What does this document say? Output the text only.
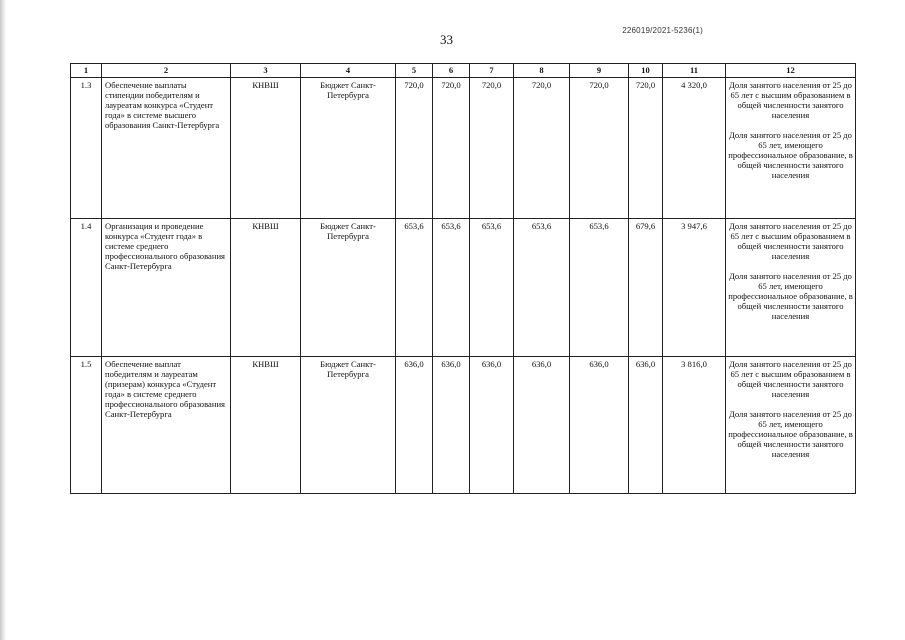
226019/2021-5236(1)
33
1	2	3	4	5	6	7	8	9	10	11	12
1.3	Обеспечение выплаты стипендии победителям и лауреатам конкурса «Студент года» в системе высшего образования Санкт-Петербурга	КНВШ	Бюджет Санкт-Петербурга	720,0	720,0	720,0	720,0	720,0	720,0	4 320,0	Доля занятого населения от 25 до 65 лет с высшим образованием в общей численности занятого населения
Доля занятого населения от 25 до 65 лет, имеющего профессиональное образование, в общей численности занятого населения

1.4	Организация и проведение конкурса «Студент года» в системе среднего профессионального образования Санкт-Петербурга	КНВШ	Бюджет Санкт-Петербурга	653,6	653,6	653,6	653,6	653,6	679,6	3 947,6	Доля занятого населения от 25 до 65 лет с высшим образованием в общей численности занятого населения
Доля занятого населения от 25 до 65 лет, имеющего профессиональное образование, в общей численности занятого населения

1.5	Обеспечение выплат победителям и лауреатам (призерам) конкурса «Студент года» в системе среднего профессионального образования Санкт-Петербурга	КНВШ	Бюджет Санкт-Петербурга	636,0	636,0	636,0	636,0	636,0	636,0	3 816,0	Доля занятого населения от 25 до 65 лет с высшим образованием в общей численности занятого населения
Доля занятого населения от 25 до 65 лет, имеющего профессиональное образование, в общей численности занятого населения
